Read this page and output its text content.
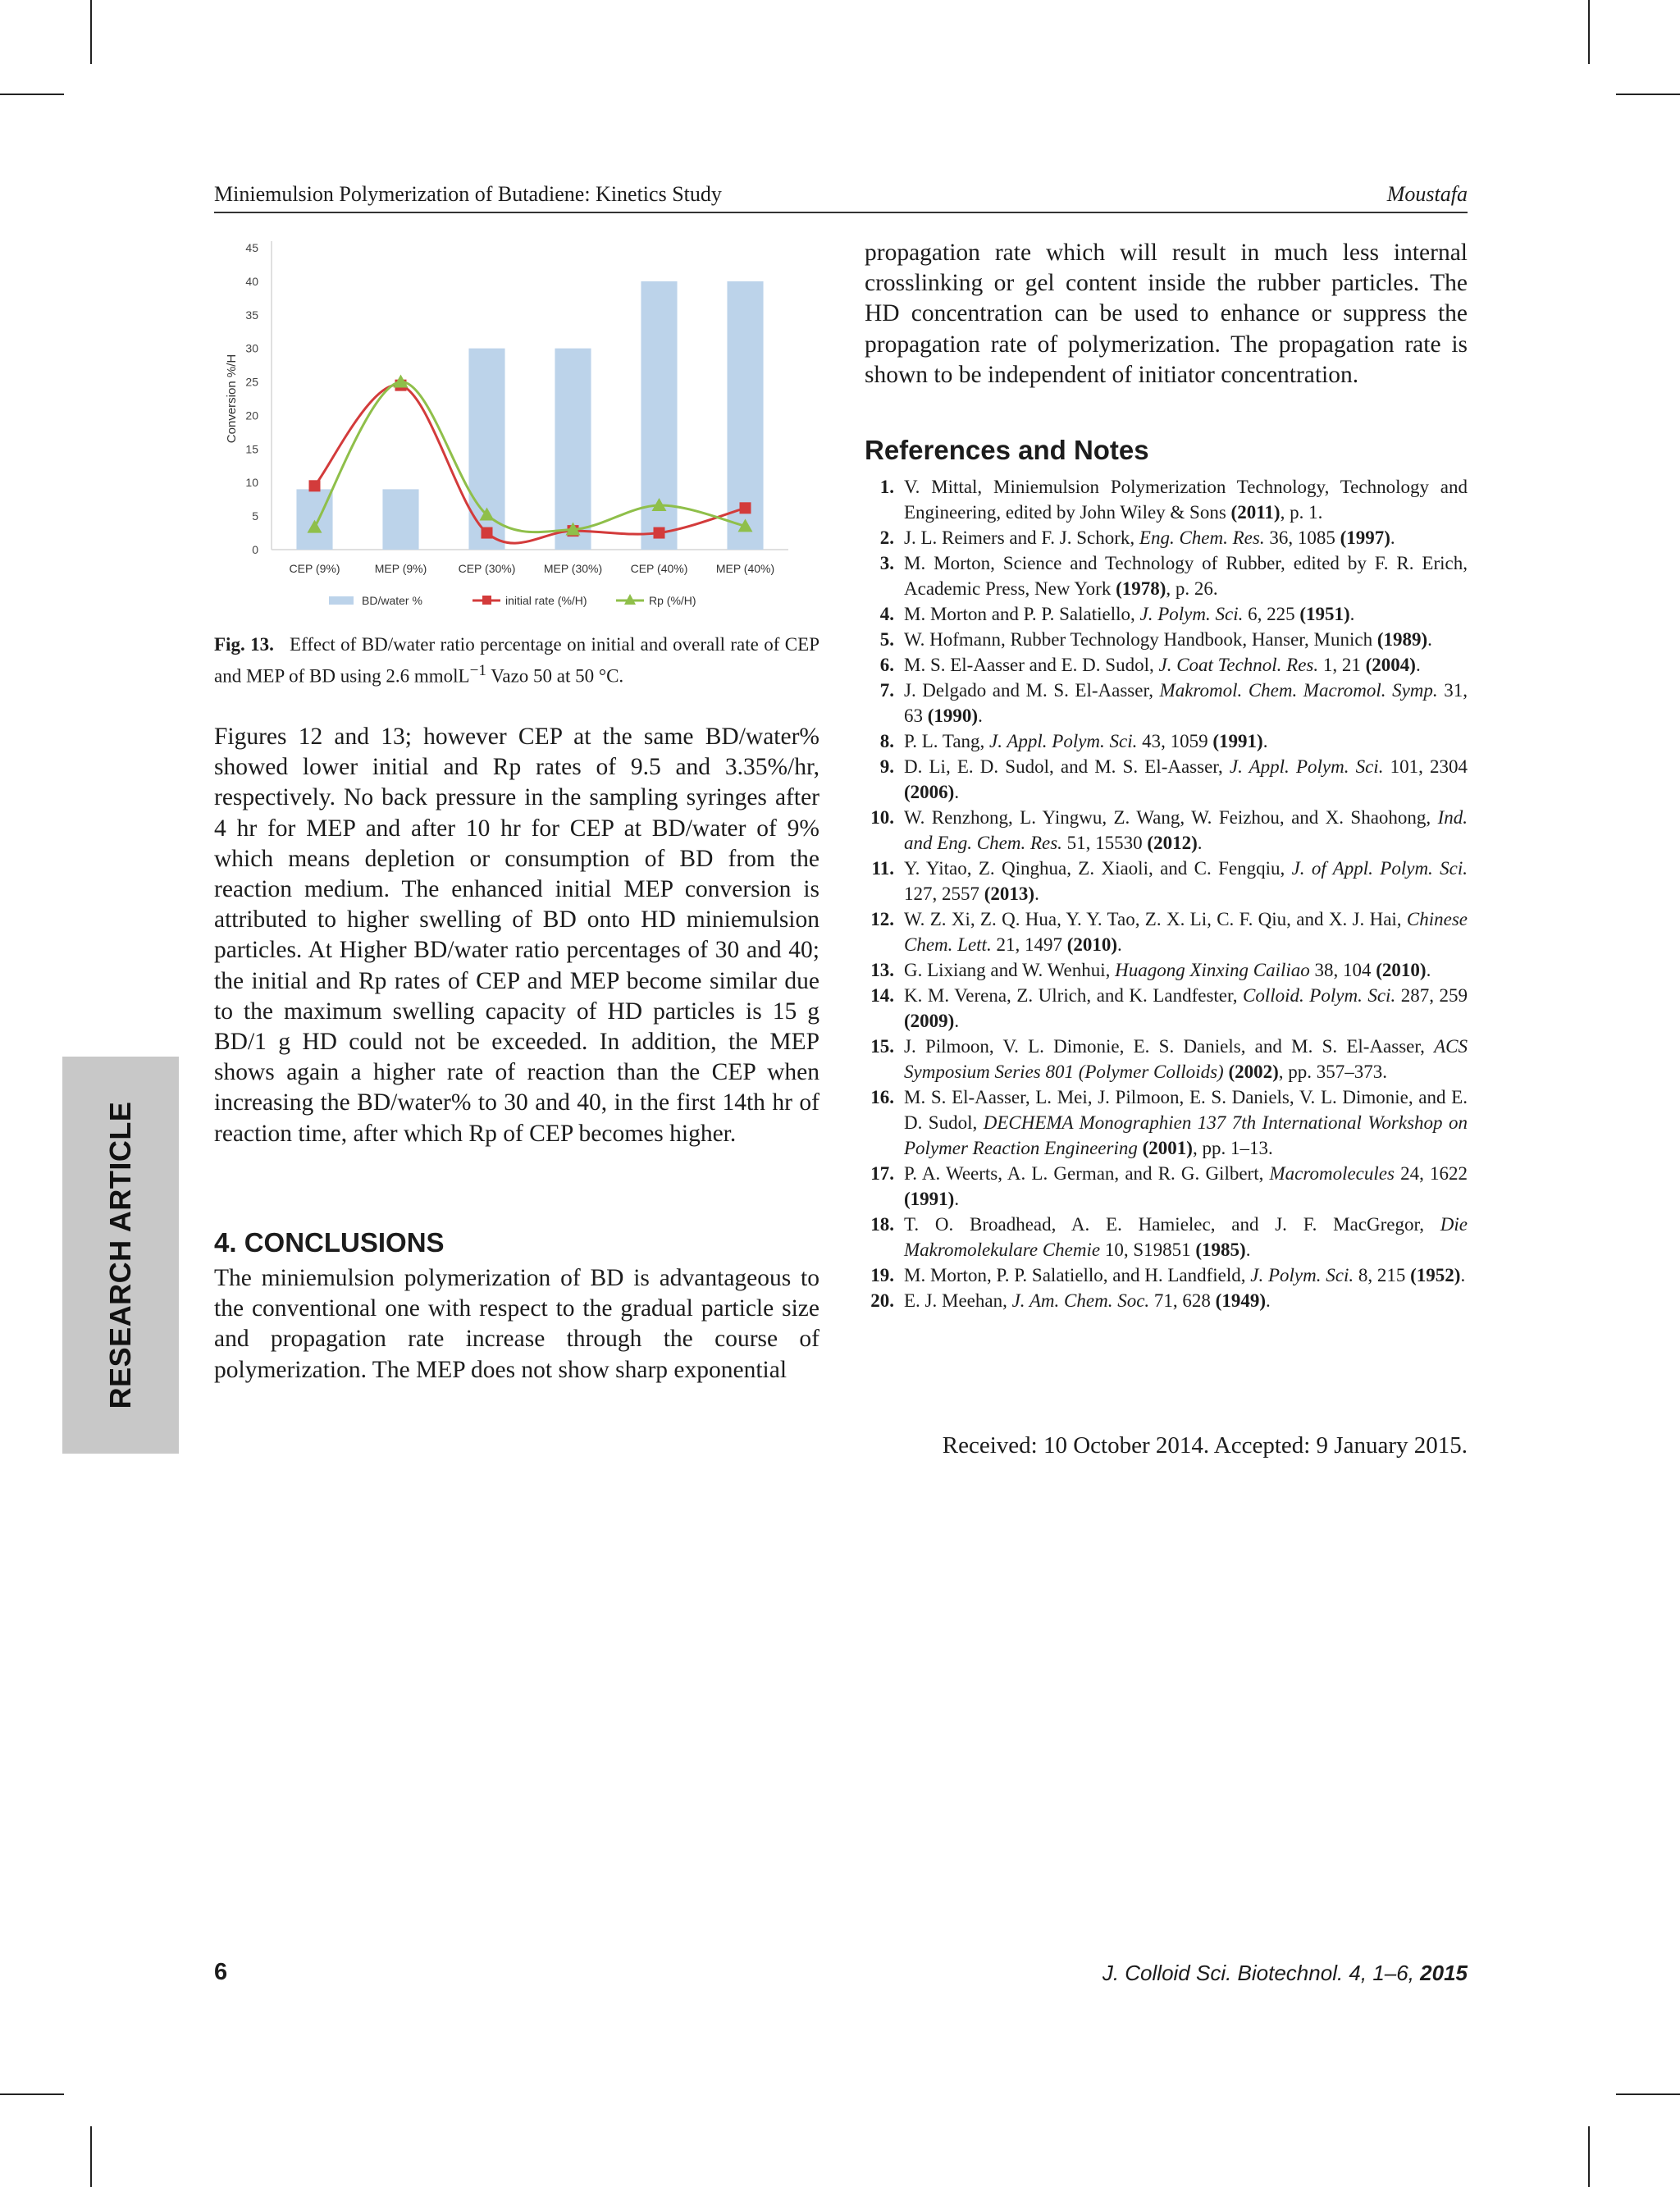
Miniemulsion Polymerization of Butadiene: Kinetics Study	Moustafa
0
5
10
15
20
25
30
35
40
45
Conversion %/H
CEP (9%)	MEP (9%)	CEP (30%) MEP (30%) CEP (40%) MEP (40%)
BD/water %	initial rate (%/H)	Rp (%/H)
Fig. 13. Effect of BD/water ratio percentage on initial and overall rate of CEP and MEP of BD using 2.6 mmolL$^{-1}$ Vazo 50 at 50 °C.
Figures 12 and 13; however CEP at the same BD/water% showed lower initial and Rp rates of 9.5 and 3.35%/hr, respectively. No back pressure in the sampling syringes after 4 hr for MEP and after 10 hr for CEP at BD/water of 9% which means depletion or consumption of BD from the reaction medium. The enhanced initial MEP conversion is attributed to higher swelling of BD onto HD miniemulsion particles. At Higher BD/water ratio percentages of 30 and 40; the initial and Rp rates of CEP and MEP become similar due to the maximum swelling capacity of HD particles is 15 g BD/1 g HD could not be exceeded. In addition, the MEP shows again a higher rate of reaction than the CEP when increasing the BD/water% to 30 and 40, in the first 14th hr of reaction time, after which Rp of CEP becomes higher.
4. CONCLUSIONS
The miniemulsion polymerization of BD is advantageous to the conventional one with respect to the gradual particle size and propagation rate increase through the course of polymerization. The MEP does not show sharp exponential
propagation rate which will result in much less internal crosslinking or gel content inside the rubber particles. The HD concentration can be used to enhance or suppress the propagation rate of polymerization. The propagation rate is shown to be independent of initiator concentration.
References and Notes
1. V. Mittal, Miniemulsion Polymerization Technology, Technology and Engineering, edited by John Wiley & Sons (2011), p. 1.
2. J. L. Reimers and F. J. Schork, Eng. Chem. Res. 36, 1085 (1997).
3. M. Morton, Science and Technology of Rubber, edited by F. R. Erich, Academic Press, New York (1978), p. 26.
4. M. Morton and P. P. Salatiello, J. Polym. Sci. 6, 225 (1951).
5. W. Hofmann, Rubber Technology Handbook, Hanser, Munich (1989).
6. M. S. El-Aasser and E. D. Sudol, J. Coat Technol. Res. 1, 21 (2004).
7. J. Delgado and M. S. El-Aasser, Makromol. Chem. Macromol. Symp. 31, 63 (1990).
8. P. L. Tang, J. Appl. Polym. Sci. 43, 1059 (1991).
9. D. Li, E. D. Sudol, and M. S. El-Aasser, J. Appl. Polym. Sci. 101, 2304 (2006).
10. W. Renzhong, L. Yingwu, Z. Wang, W. Feizhou, and X. Shaohong, Ind. and Eng. Chem. Res. 51, 15530 (2012).
11. Y. Yitao, Z. Qinghua, Z. Xiaoli, and C. Fengqiu, J. of Appl. Polym. Sci. 127, 2557 (2013).
12. W. Z. Xi, Z. Q. Hua, Y. Y. Tao, Z. X. Li, C. F. Qiu, and X. J. Hai, Chinese Chem. Lett. 21, 1497 (2010).
13. G. Lixiang and W. Wenhui, Huagong Xinxing Cailiao 38, 104 (2010).
14. K. M. Verena, Z. Ulrich, and K. Landfester, Colloid. Polym. Sci. 287, 259 (2009).
15. J. Pilmoon, V. L. Dimonie, E. S. Daniels, and M. S. El-Aasser, ACS Symposium Series 801 (Polymer Colloids) (2002), pp. 357–373.
16. M. S. El-Aasser, L. Mei, J. Pilmoon, E. S. Daniels, V. L. Dimonie, and E. D. Sudol, DECHEMA Monographien 137 7th International Workshop on Polymer Reaction Engineering (2001), pp. 1–13.
17. P. A. Weerts, A. L. German, and R. G. Gilbert, Macromolecules 24, 1622 (1991).
18. T. O. Broadhead, A. E. Hamielec, and J. F. MacGregor, Die Makromolekulare Chemie 10, S19851 (1985).
19. M. Morton, P. P. Salatiello, and H. Landfield, J. Polym. Sci. 8, 215 (1952).
20. E. J. Meehan, J. Am. Chem. Soc. 71, 628 (1949).
Received: 10 October 2014. Accepted: 9 January 2015.
RESEARCH ARTICLE
6	J. Colloid Sci. Biotechnol. 4, 1–6, 2015
